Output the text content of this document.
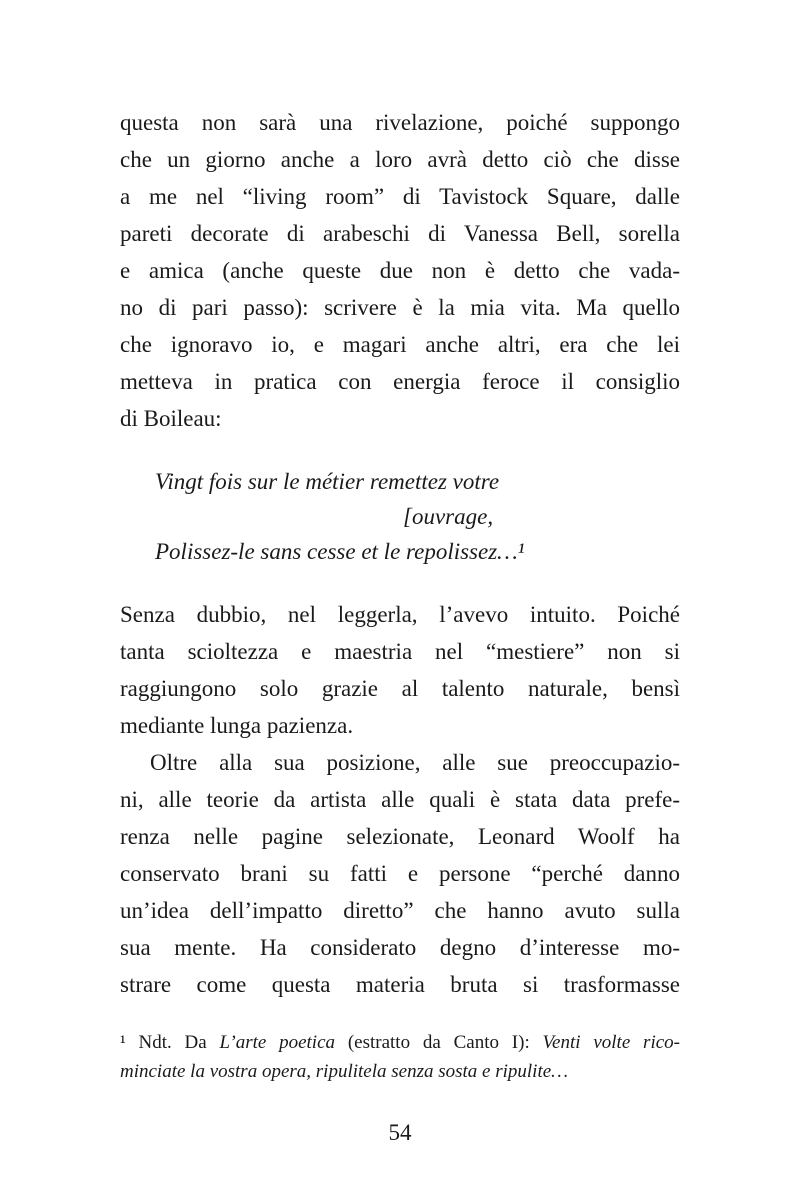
questa non sarà una rivelazione, poiché suppongo
che un giorno anche a loro avrà detto ciò che disse
a me nel “living room” di Tavistock Square, dalle
pareti decorate di arabeschi di Vanessa Bell, sorella
e amica (anche queste due non è detto che vada-
no di pari passo): scrivere è la mia vita. Ma quello
che ignoravo io, e magari anche altri, era che lei
metteva in pratica con energia feroce il consiglio
di Boileau:
Vingt fois sur le métier remettez votre
[ouvrage,
Polissez-le sans cesse et le repolissez…¹
Senza dubbio, nel leggerla, l’avevo intuito. Poiché
tanta scioltezza e maestria nel “mestiere” non si
raggiungono solo grazie al talento naturale, bensì
mediante lunga pazienza.
Oltre alla sua posizione, alle sue preoccupazio-
ni, alle teorie da artista alle quali è stata data prefe-
renza nelle pagine selezionate, Leonard Woolf ha
conservato brani su fatti e persone “perché danno
un’idea dell’impatto diretto” che hanno avuto sulla
sua mente. Ha considerato degno d’interesse mo-
strare come questa materia bruta si trasformasse
¹ Ndt. Da L’arte poetica (estratto da Canto I): Venti volte rico-
minciate la vostra opera, ripulitela senza sosta e ripulite…
54
